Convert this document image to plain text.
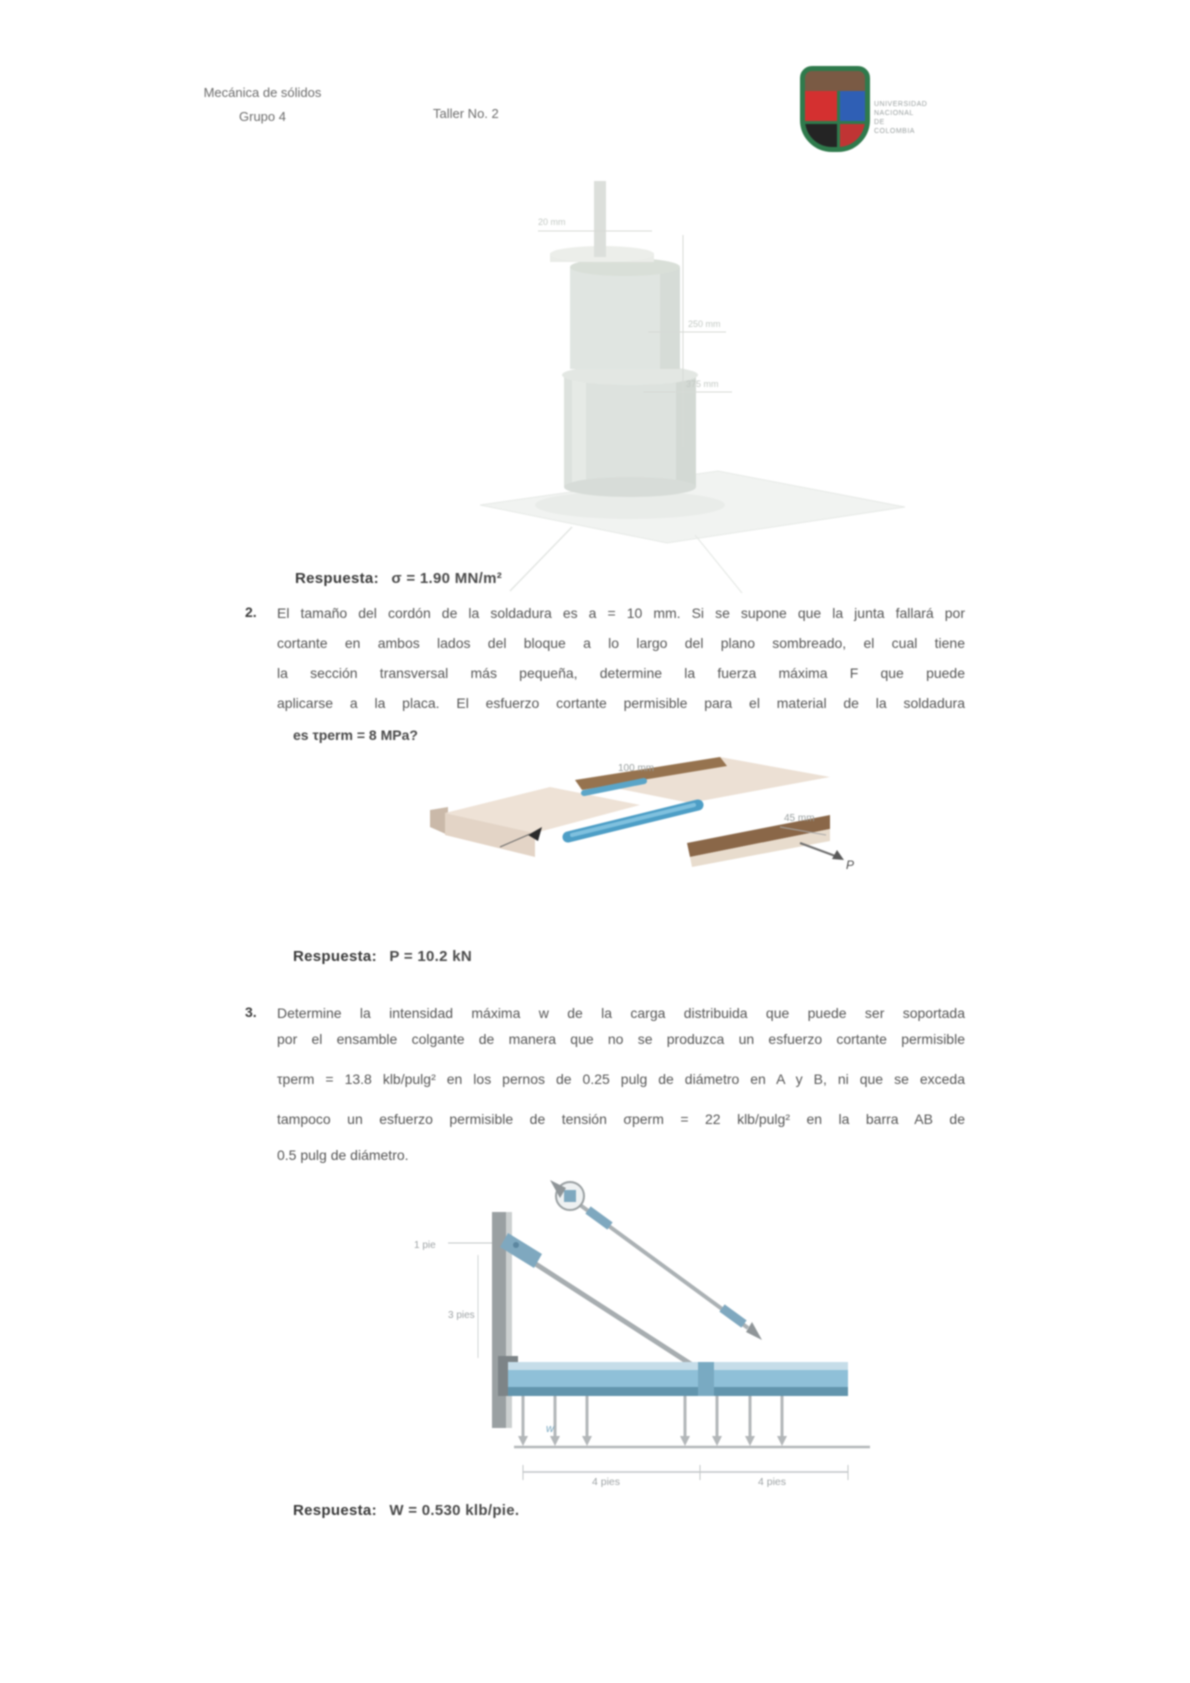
Mecánica de sólidos
Grupo 4	Taller No. 2
UNIVERSIDAD
NACIONAL DE
COLOMBIA
20 mm
250 mm
375 mm
Respuesta: σ = 1.90 MN/m²
2. El tamaño del cordón de la soldadura es a = 10 mm. Si se supone que la junta fallará por
cortante en ambos lados del bloque a lo largo del plano sombreado, el cual tiene
la sección transversal más pequeña, determine la fuerza máxima F que puede
aplicarse a la placa. El esfuerzo cortante permisible para el material de la soldadura
es τperm = 8 MPa?
100 mm
45 mm
P
Respuesta: P = 10.2 kN
3. Determine la intensidad máxima w de la carga distribuida que puede ser soportada
por el ensamble colgante de manera que no se produzca un esfuerzo cortante permisible
τperm = 13.8 klb/pulg² en los pernos de 0.25 pulg de diámetro en A y B, ni que se exceda
tampoco un esfuerzo permisible de tensión σperm = 22 klb/pulg² en la barra AB de
0.5 pulg de diámetro.
w
4 pies	4 pies
1 pie
3 pies
Respuesta: W = 0.530 klb/pie.
